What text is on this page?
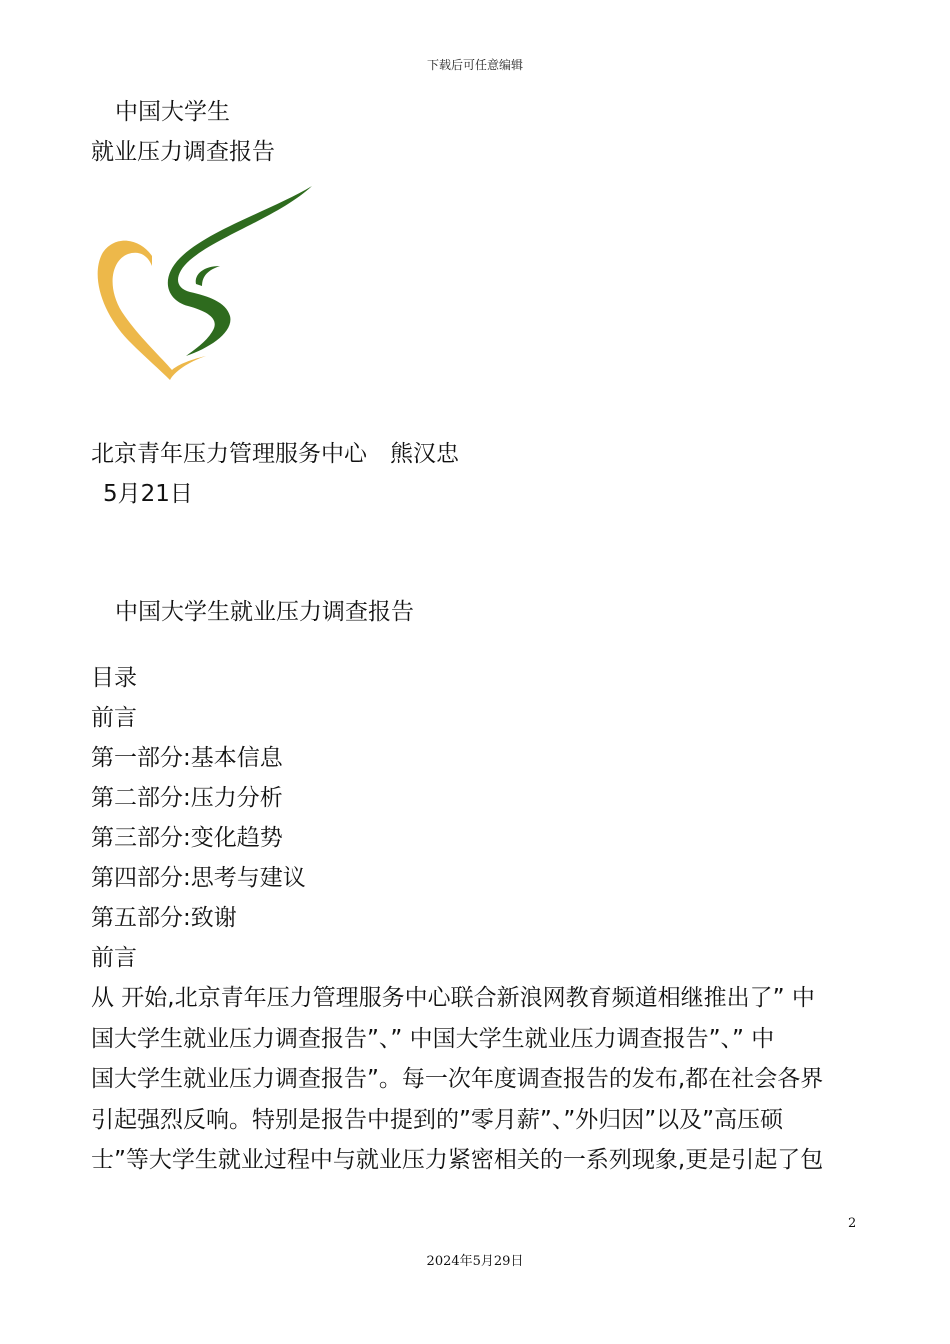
下载后可任意编辑
中国大学生
就业压力调查报告
北京青年压力管理服务中心　熊汉忠
5月21日
中国大学生就业压力调查报告
目录
前言
第一部分:基本信息
第二部分:压力分析
第三部分:变化趋势
第四部分:思考与建议
第五部分:致谢
前言
从 开始,北京青年压力管理服务中心联合新浪网教育频道相继推出了” 中
国大学生就业压力调查报告”、” 中国大学生就业压力调查报告”、” 中
国大学生就业压力调查报告”。每一次年度调查报告的发布,都在社会各界
引起强烈反响。特别是报告中提到的”零月薪”、”外归因”以及”高压硕
士”等大学生就业过程中与就业压力紧密相关的一系列现象,更是引起了包
2
2024年5月29日
